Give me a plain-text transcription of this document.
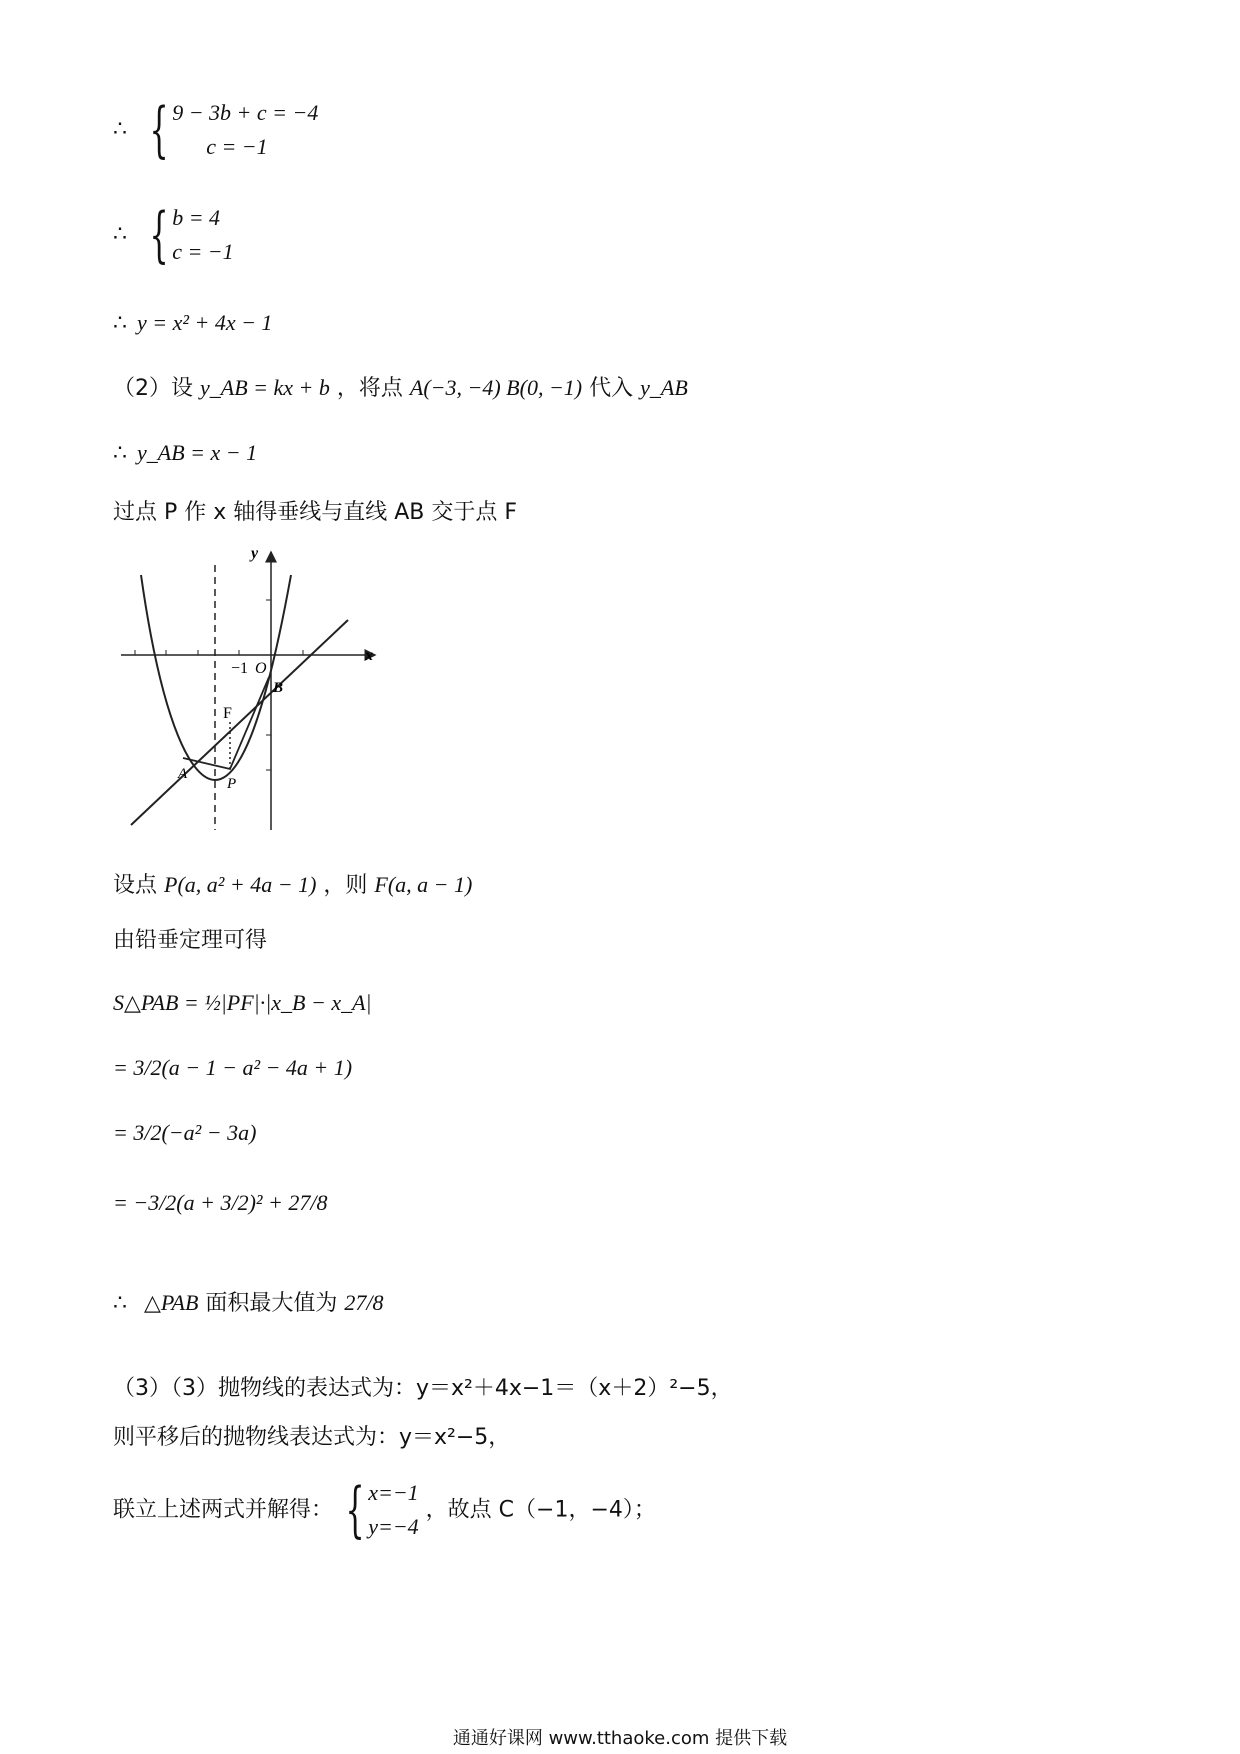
∴ { 9 − 3b + c = −4
c = −1
∴ { b = 4
c = −1
∴ y = x² + 4x − 1
（2）设 y_AB = kx + b ，将点 A(−3, −4) B(0, −1) 代入 y_AB
∴ y_AB = x − 1
过点 P 作 x 轴得垂线与直线 AB 交于点 F
y
x
−1 O
B
F
A
P
设点 P(a, a² + 4a − 1) ，则 F(a, a − 1)
由铅垂定理可得
S△PAB = ½|PF|·|x_B − x_A|
= 3/2(a − 1 − a² − 4a + 1)
= 3/2(−a² − 3a)
= −3/2(a + 3/2)² + 27/8
∴ △PAB 面积最大值为 27/8
（3）（3）抛物线的表达式为：y＝x²＋4x−1＝（x＋2）²−5，
则平移后的抛物线表达式为：y＝x²−5，
联立上述两式并解得： { x=−1
y=−4
，故点 C（−1，−4）；
通通好课网 www.tthaoke.com 提供下载
